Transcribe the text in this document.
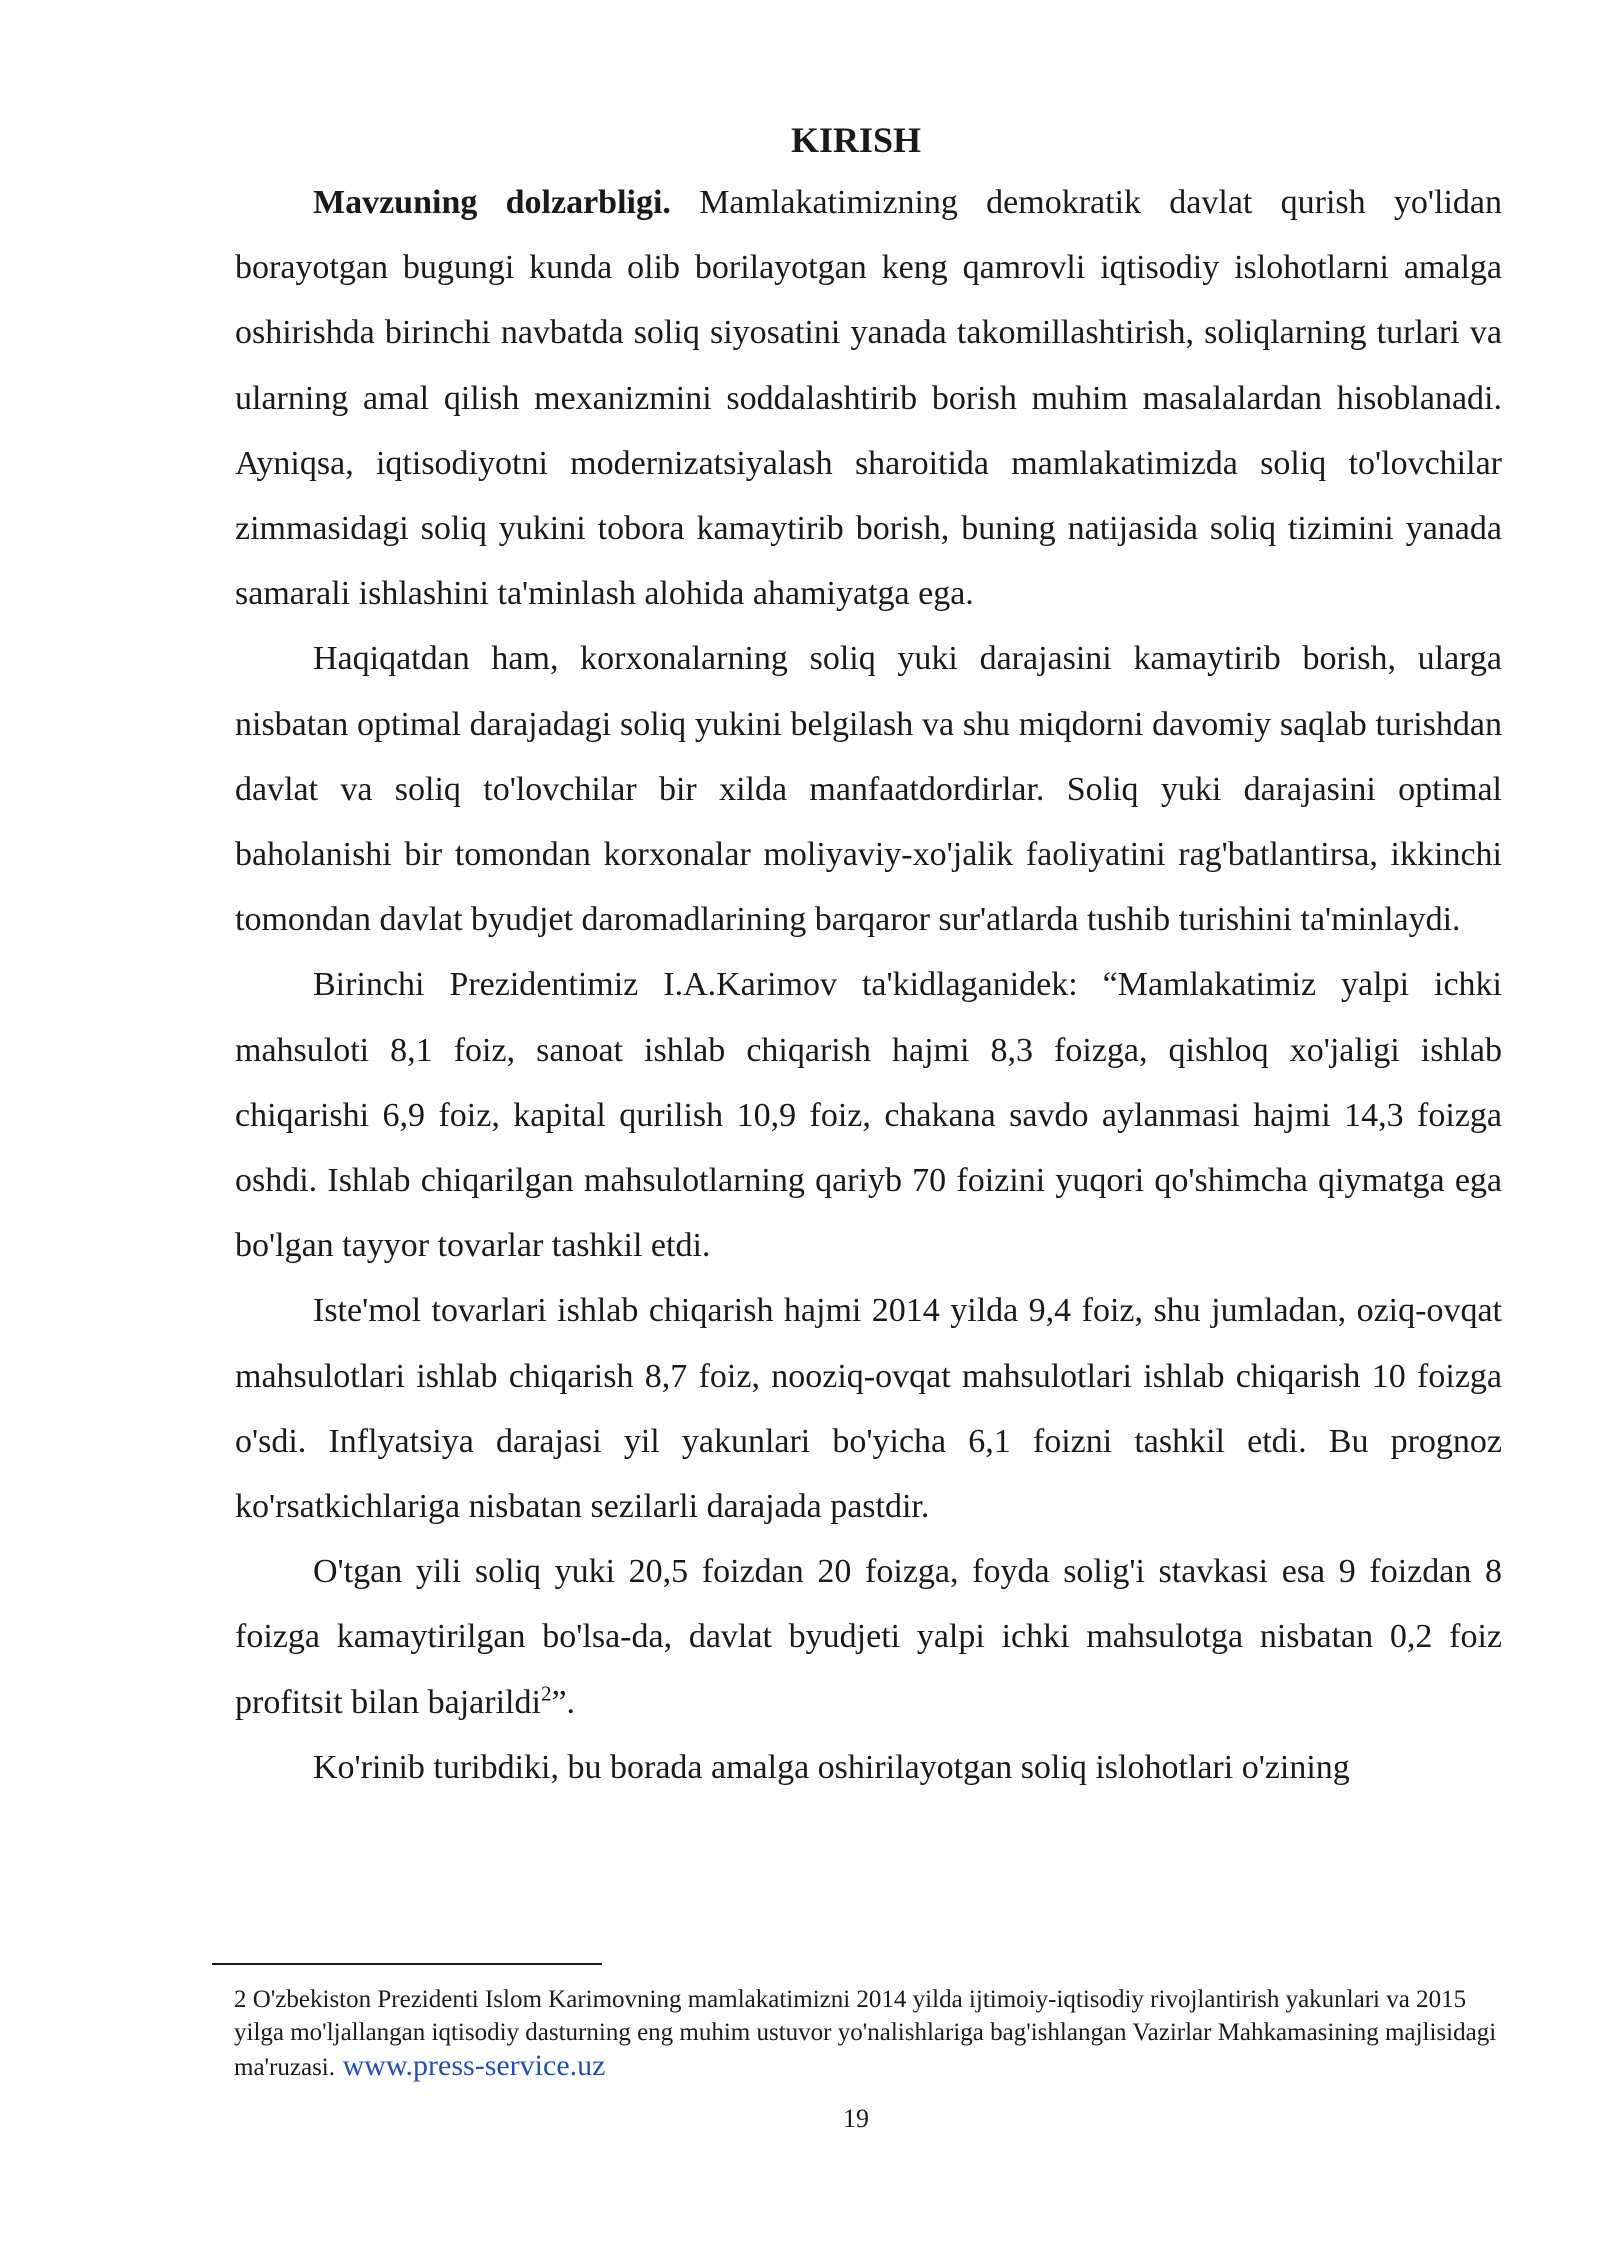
KIRISH

Mavzuning dolzarbligi. Mamlakatimizning demokratik davlat qurish yo'lidan borayotgan bugungi kunda olib borilayotgan keng qamrovli iqtisodiy islohotlarni amalga oshirishda birinchi navbatda soliq siyosatini yanada takomillashtirish, soliqlarning turlari va ularning amal qilish mexanizmini soddalashtirib borish muhim masalalardan hisoblanadi. Ayniqsa, iqtisodiyotni modernizatsiyalash sharoitida mamlakatimizda soliq to'lovchilar zimmasidagi soliq yukini tobora kamaytirib borish, buning natijasida soliq tizimini yanada samarali ishlashini ta'minlash alohida ahamiyatga ega.

Haqiqatdan ham, korxonalarning soliq yuki darajasini kamaytirib borish, ularga nisbatan optimal darajadagi soliq yukini belgilash va shu miqdorni davomiy saqlab turishdan davlat va soliq to'lovchilar bir xilda manfaatdordirlar. Soliq yuki darajasini optimal baholanishi bir tomondan korxonalar moliyaviy-xo'jalik faoliyatini rag'batlantirsa, ikkinchi tomondan davlat byudjet daromadlarining barqaror sur'atlarda tushib turishini ta'minlaydi.

Birinchi Prezidentimiz I.A.Karimov ta'kidlaganidek: “Mamlakatimiz yalpi ichki mahsuloti 8,1 foiz, sanoat ishlab chiqarish hajmi 8,3 foizga, qishloq xo'jaligi ishlab chiqarishi 6,9 foiz, kapital qurilish 10,9 foiz, chakana savdo aylanmasi hajmi 14,3 foizga oshdi. Ishlab chiqarilgan mahsulotlarning qariyb 70 foizini yuqori qo'shimcha qiymatga ega bo'lgan tayyor tovarlar tashkil etdi.

Iste'mol tovarlari ishlab chiqarish hajmi 2014 yilda 9,4 foiz, shu jumladan, oziq-ovqat mahsulotlari ishlab chiqarish 8,7 foiz, nooziq-ovqat mahsulotlari ishlab chiqarish 10 foizga o'sdi. Inflyatsiya darajasi yil yakunlari bo'yicha 6,1 foizni tashkil etdi. Bu prognoz ko'rsatkichlariga nisbatan sezilarli darajada pastdir.

O'tgan yili soliq yuki 20,5 foizdan 20 foizga, foyda solig'i stavkasi esa 9 foizdan 8 foizga kamaytirilgan bo'lsa-da, davlat byudjeti yalpi ichki mahsulotga nisbatan 0,2 foiz profitsit bilan bajarildi$^2$”.

Ko'rinib turibdiki, bu borada amalga oshirilayotgan soliq islohotlari o'zining

2 O'zbekiston Prezidenti Islom Karimovning mamlakatimizni 2014 yilda ijtimoiy-iqtisodiy rivojlantirish yakunlari va 2015 yilga mo'ljallangan iqtisodiy dasturning eng muhim ustuvor yo'nalishlariga bag'ishlangan Vazirlar Mahkamasining majlisidagi ma'ruzasi. www.press-service.uz

19
